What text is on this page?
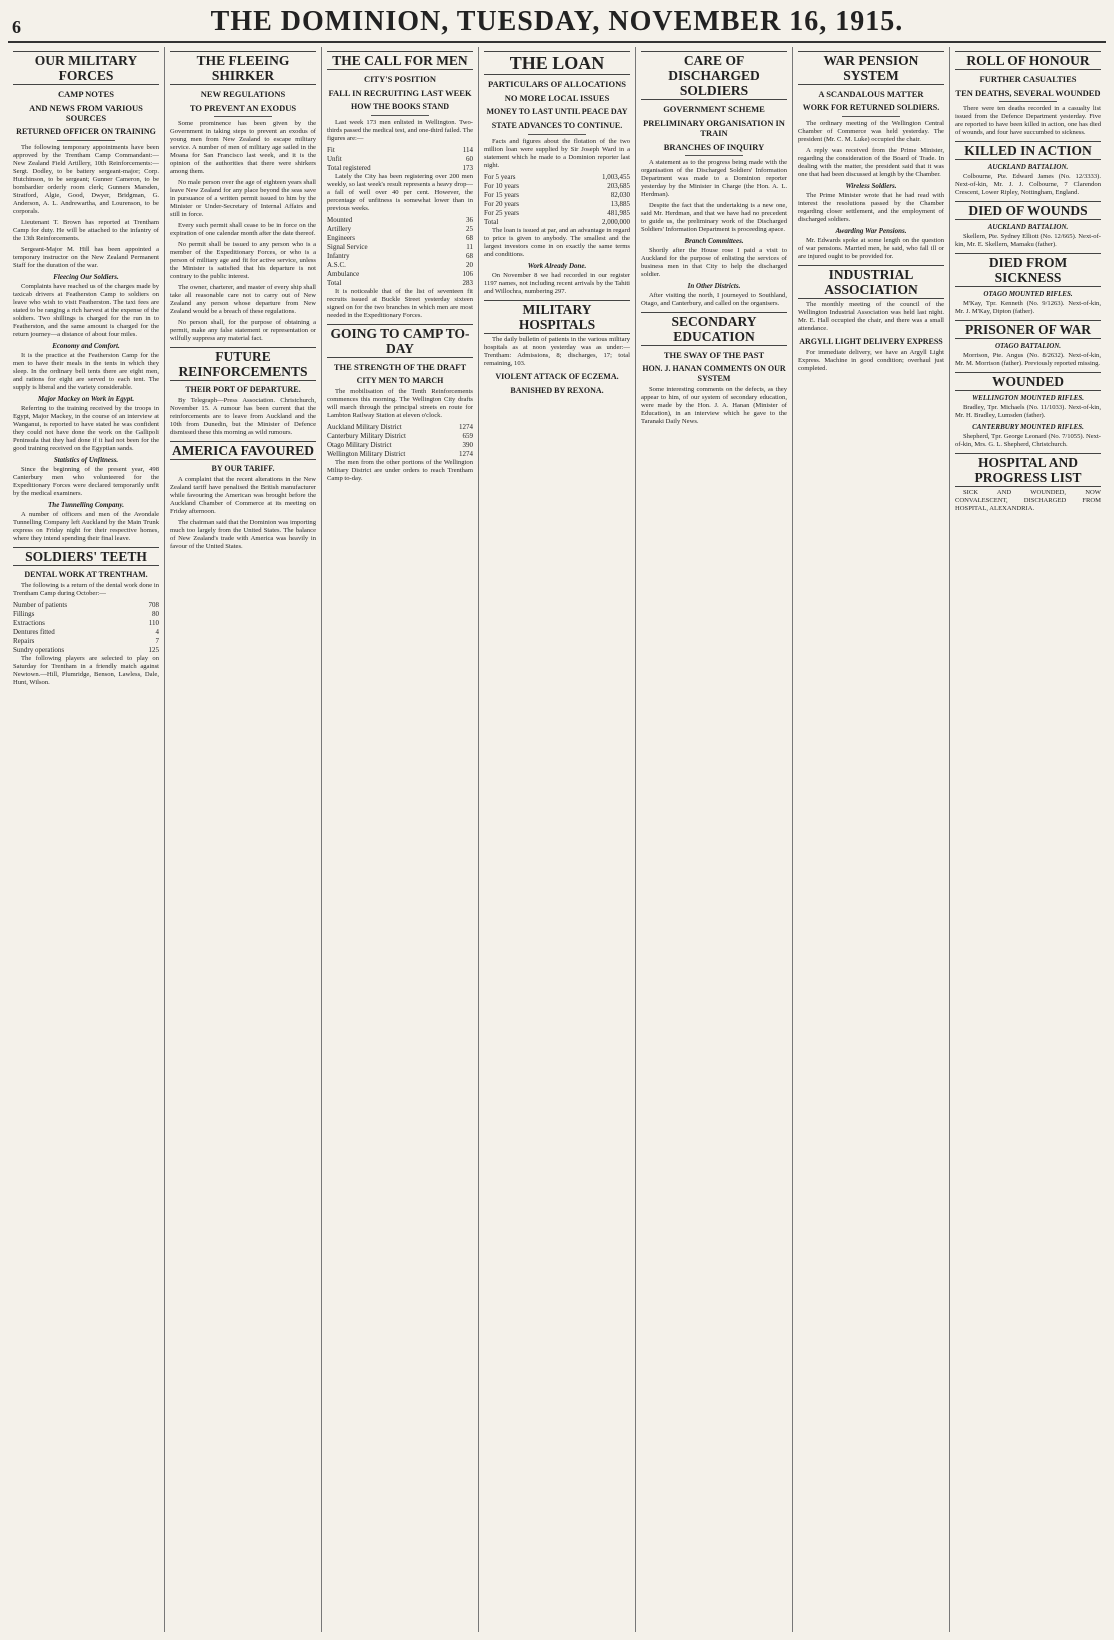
6	THE DOMINION, TUESDAY, NOVEMBER 16, 1915.
OUR MILITARY FORCES
CAMP NOTES
AND NEWS FROM VARIOUS SOURCES
RETURNED OFFICER ON TRAINING

The following temporary appointments have been approved by the Trentham Camp Commandant:— New Zealand Field Artillery, 10th Reinforcements:—Sergt. Dodley, to be battery sergeant-major; Corp. Hutchinson, to be sergeant; Gunner Cameron, to be bombardier orderly room clerk; Gunners Marsden, Stratford, Algie, Good, Dwyer, Bridgman, G. Anderson, A. L. Andrewartha, and Lourenson, to be corporals.

Lieutenant T. Brown has reported at Trentham Camp for duty. He will be attached to the infantry of the 13th Reinforcements.

Sergeant-Major M. Hill has been appointed a temporary instructor on the New Zealand Permanent Staff for the duration of the war.

Fleecing Our Soldiers.

Complaints have reached us of the charges made by taxicab drivers at Featherston Camp to soldiers on leave who wish to visit Featherston. The taxi fees are stated to be ranging a rich harvest at the expense of the soldiers. Two shillings is charged for the run in to Featherston, and the same amount is charged for the return journey—a distance of about four miles.

Economy and Comfort.

It is the practice at the Featherston Camp for the men to have their meals in the tents in which they sleep. In the ordinary bell tents there are eight men, and rations for eight are served to each tent. The supply is liberal and the variety considerable.

Major Mackey on Work in Egypt.

Referring to the training received by the troops in Egypt, Major Mackey, in the course of an interview at Wanganui, is reported to have stated he was confident they could not have done the work on the Gallipoli Peninsula that they had done if it had not been for the good training received on the Egyptian sands.

Statistics of Unfitness.

Since the beginning of the present year, 498 Canterbury men who volunteered for the Expeditionary Forces were declared temporarily unfit by the medical examiners.

The Tunnelling Company.

A number of officers and men of the Avondale Tunnelling Company left Auckland by the Main Trunk express on Friday night for their respective homes, where they intend spending their final leave.

SOLDIERS' TEETH
DENTAL WORK AT TRENTHAM.

The following is a return of the dental work done in Trentham Camp during October:—

Number of patients	708
Fillings	80
Extractions	110
Dentures fitted	4
Repairs	7
Sundry operations	125

The following players are selected to play on Saturday for Trentham in a friendly match against Newtown.—Hill, Plumridge, Benson, Lawless, Dale, Hunt, Wilson.

THE FLEEING SHIRKER
NEW REGULATIONS
TO PREVENT AN EXODUS

Some prominence has been given by the Government in taking steps to prevent an exodus of young men from New Zealand to escape military service. A number of men of military age sailed in the Moana for San Francisco last week, and it is the opinion of the authorities that there were shirkers among them.

No male person over the age of eighteen years shall leave New Zealand for any place beyond the seas save in pursuance of a written permit issued to him by the Minister or Under-Secretary of Internal Affairs and still in force.

Every such permit shall cease to be in force on the expiration of one calendar month after the date thereof.

No permit shall be issued to any person who is a member of the Expeditionary Forces, or who is a person of military age and fit for active service, unless the Minister is satisfied that his departure is not contrary to the public interest.

The owner, charterer, and master of every ship shall take all reasonable care not to carry out of New Zealand any person whose departure from New Zealand would be a breach of these regulations.

No person shall, for the purpose of obtaining a permit, make any false statement or representation or wilfully suppress any material fact.

FUTURE REINFORCEMENTS
THEIR PORT OF DEPARTURE.

By Telegraph—Press Association. Christchurch, November 15. A rumour has been current that the reinforcements are to leave from Auckland and the 10th from Dunedin, but the Minister of Defence dismissed these this morning as wild rumours.

AMERICA FAVOURED
BY OUR TARIFF.

A complaint that the recent alterations in the New Zealand tariff have penalised the British manufacturer while favouring the American was brought before the Auckland Chamber of Commerce at its meeting on Friday afternoon.

The chairman said that the Dominion was importing much too largely from the United States. The balance of New Zealand's trade with America was heavily in favour of the United States.

THE CALL FOR MEN
CITY'S POSITION
FALL IN RECRUITING LAST WEEK
HOW THE BOOKS STAND

Last week 173 men enlisted in Wellington. Two-thirds passed the medical test, and one-third failed. The figures are:—

Fit	114
Unfit	60
Total registered	173

Lately the City has been registering over 200 men weekly, so last week's result represents a heavy drop—a fall of well over 40 per cent. However, the percentage of unfitness is somewhat lower than in previous weeks.

Mounted	36
Artillery	25
Engineers	68
Signal Service	11
Infantry	68
A.S.C.	20
Ambulance	106
Total	283

It is noticeable that of the list of seventeen fit recruits issued at Buckle Street yesterday sixteen signed on for the two branches in which men are most needed in the Expeditionary Forces.

GOING TO CAMP TO-DAY
THE STRENGTH OF THE DRAFT
CITY MEN TO MARCH

The mobilisation of the Tenth Reinforcements commences this morning. The Wellington City drafts will march through the principal streets en route for Lambton Railway Station at eleven o'clock.

Auckland Military District	1274
Canterbury Military District	659
Otago Military District	390
Wellington Military District	1274

The men from the other portions of the Wellington Military District are under orders to reach Trentham Camp to-day.

THE LOAN
PARTICULARS OF ALLOCATIONS
NO MORE LOCAL ISSUES
MONEY TO LAST UNTIL PEACE DAY
STATE ADVANCES TO CONTINUE.

Facts and figures about the flotation of the two million loan were supplied by Sir Joseph Ward in a statement which he made to a Dominion reporter last night.

For 5 years	1,003,455
For 10 years	203,685
For 15 years	82,030
For 20 years	13,885
For 25 years	481,985
Total	2,000,000

The loan is issued at par, and an advantage in regard to price is given to anybody. The smallest and the largest investors come in on exactly the same terms and conditions.

Work Already Done.

On November 8 we had recorded in our register 1197 names, not including recent arrivals by the Tahiti and Willochra, numbering 297.

MILITARY HOSPITALS

The daily bulletin of patients in the various military hospitals as at noon yesterday was as under:— Trentham: Admissions, 8; discharges, 17; total remaining, 103.

VIOLENT ATTACK OF ECZEMA.
BANISHED BY REXONA.
CARE OF DISCHARGED SOLDIERS
GOVERNMENT SCHEME
PRELIMINARY ORGANISATION IN TRAIN
BRANCHES OF INQUIRY

A statement as to the progress being made with the organisation of the Discharged Soldiers' Information Department was made to a Dominion reporter yesterday by the Minister in Charge (the Hon. A. L. Herdman).

Despite the fact that the undertaking is a new one, said Mr. Herdman, and that we have had no precedent to guide us, the preliminary work of the Discharged Soldiers' Information Department is proceeding apace.

Branch Committees.

Shortly after the House rose I paid a visit to Auckland for the purpose of enlisting the services of business men in that City to help the discharged soldier.

In Other Districts.

After visiting the north, I journeyed to Southland, Otago, and Canterbury, and called on the organisers.

SECONDARY EDUCATION
THE SWAY OF THE PAST
HON. J. HANAN COMMENTS ON OUR SYSTEM

Some interesting comments on the defects, as they appear to him, of our system of secondary education, were made by the Hon. J. A. Hanan (Minister of Education), in an interview which he gave to the Taranaki Daily News.

WAR PENSION SYSTEM
A SCANDALOUS MATTER
WORK FOR RETURNED SOLDIERS.

The ordinary meeting of the Wellington Central Chamber of Commerce was held yesterday. The president (Mr. C. M. Luke) occupied the chair.

A reply was received from the Prime Minister, regarding the consideration of the Board of Trade. In dealing with the matter, the president said that it was one that had been discussed at length by the Chamber.

Wireless Soldiers.

The Prime Minister wrote that he had read with interest the resolutions passed by the Chamber regarding closer settlement, and the employment of discharged soldiers.

Awarding War Pensions.

Mr. Edwards spoke at some length on the question of war pensions. Married men, he said, who fall ill or are injured ought to be provided for.

INDUSTRIAL ASSOCIATION

The monthly meeting of the council of the Wellington Industrial Association was held last night. Mr. E. Hall occupied the chair, and there was a small attendance.

ARGYLL LIGHT DELIVERY EXPRESS

For immediate delivery, we have an Argyll Light Express. Machine in good condition; overhaul just completed.

ROLL OF HONOUR
FURTHER CASUALTIES
TEN DEATHS, SEVERAL WOUNDED

There were ten deaths recorded in a casualty list issued from the Defence Department yesterday. Five are reported to have been killed in action, one has died of wounds, and four have succumbed to sickness.

KILLED IN ACTION
AUCKLAND BATTALION.

Colbourne, Pte. Edward James (No. 12/3333). Next-of-kin, Mr. J. J. Colbourne, 7 Clarendon Crescent, Lower Ripley, Nottingham, England.

DIED OF WOUNDS
AUCKLAND BATTALION.

Skellern, Pte. Sydney Elliott (No. 12/665). Next-of-kin, Mr. E. Skellern, Mamaku (father).

DIED FROM SICKNESS
OTAGO MOUNTED RIFLES.

M'Kay, Tpr. Kenneth (No. 9/1263). Next-of-kin, Mr. J. M'Kay, Dipton (father).

PRISONER OF WAR
OTAGO BATTALION.

Morrison, Pte. Angus (No. 8/2632). Next-of-kin, Mr. M. Morrison (father). Previously reported missing.

WOUNDED
WELLINGTON MOUNTED RIFLES.

Bradley, Tpr. Michaels (No. 11/1033). Next-of-kin, Mr. H. Bradley, Lumsden (father).

CANTERBURY MOUNTED RIFLES.

Shepherd, Tpr. George Leonard (No. 7/1055). Next-of-kin, Mrs. G. L. Shepherd, Christchurch.

HOSPITAL AND PROGRESS LIST

SICK AND WOUNDED, NOW CONVALESCENT, DISCHARGED FROM HOSPITAL, ALEXANDRIA.
